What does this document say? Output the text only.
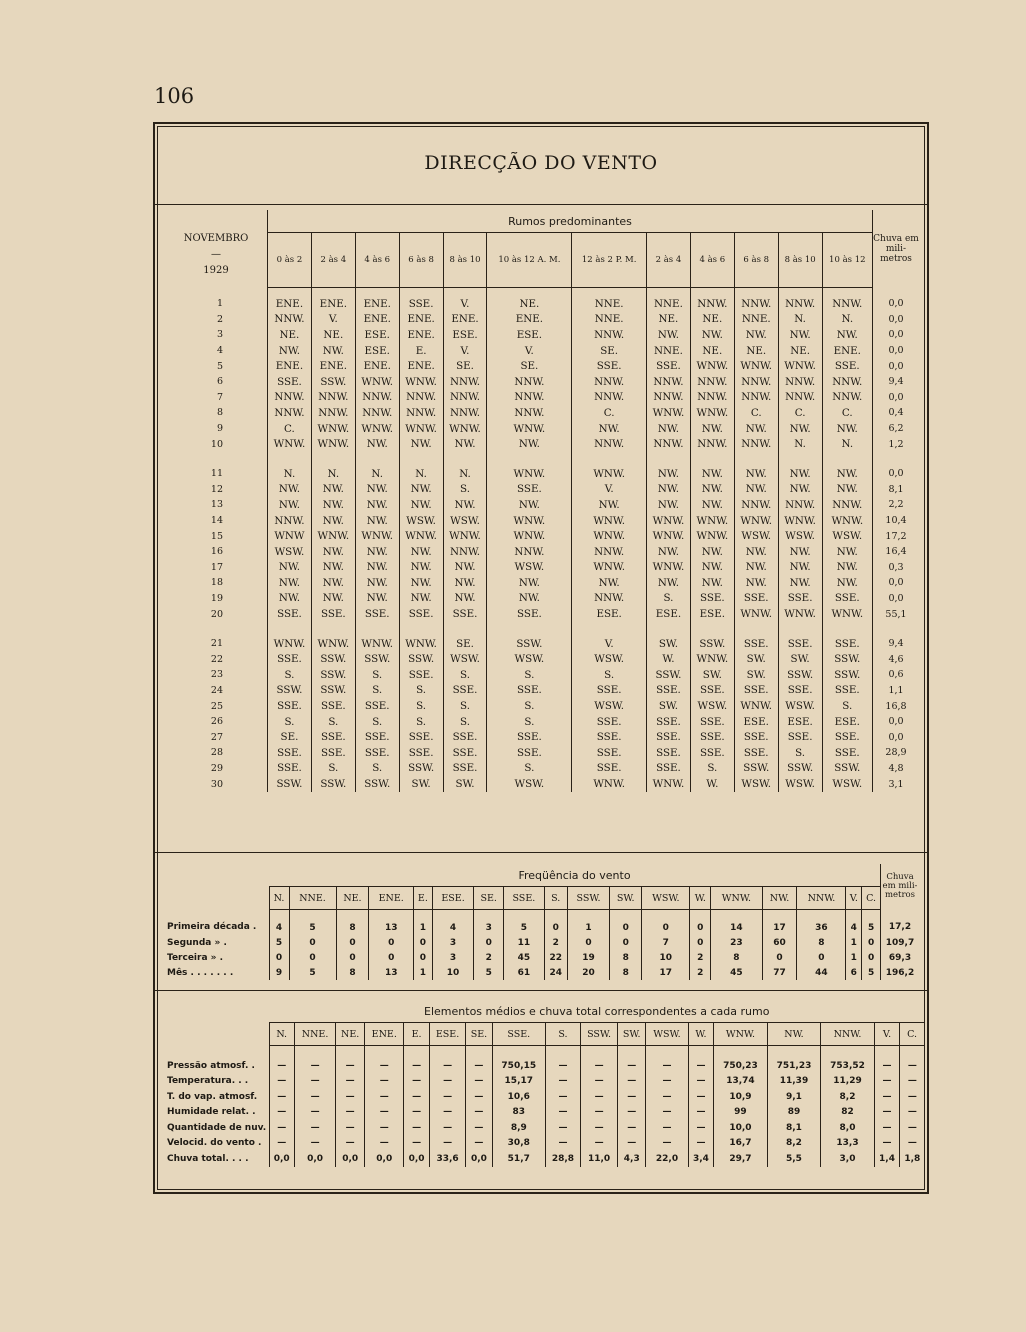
106
DIRECÇÃO DO VENTO
NOVEMBRO
—
1929	Rumos predominantes												Chuva em mili-metros
	0 às 2	2 às 4	4 às 6	6 às 8	8 às 10	10 às 12 A. M.	12 às 2 P. M.	2 às 4	4 às 6	6 às 8	8 às 10	10 às 12	
1	ENE.	ENE.	ENE.	SSE.	V.	NE.	NNE.	NNE.	NNW.	NNW.	NNW.	NNW.	0,0
2	NNW.	V.	ENE.	ENE.	ENE.	ENE.	NNE.	NE.	NE.	NNE.	N.	N.	0,0
3	NE.	NE.	ESE.	ENE.	ESE.	ESE.	NNW.	NW.	NW.	NW.	NW.	NW.	0,0
4	NW.	NW.	ESE.	E.	V.	V.	SE.	NNE.	NE.	NE.	NE.	ENE.	0,0
5	ENE.	ENE.	ENE.	ENE.	SE.	SE.	SSE.	SSE.	WNW.	WNW.	WNW.	SSE.	0,0
6	SSE.	SSW.	WNW.	WNW.	NNW.	NNW.	NNW.	NNW.	NNW.	NNW.	NNW.	NNW.	9,4
7	NNW.	NNW.	NNW.	NNW.	NNW.	NNW.	NNW.	NNW.	NNW.	NNW.	NNW.	NNW.	0,0
8	NNW.	NNW.	NNW.	NNW.	NNW.	NNW.	C.	WNW.	WNW.	C.	C.	C.	0,4
9	C.	WNW.	WNW.	WNW.	WNW.	WNW.	NW.	NW.	NW.	NW.	NW.	NW.	6,2
10	WNW.	WNW.	NW.	NW.	NW.	NW.	NNW.	NNW.	NNW.	NNW.	N.	N.	1,2

11	N.	N.	N.	N.	N.	WNW.	WNW.	NW.	NW.	NW.	NW.	NW.	0,0
12	NW.	NW.	NW.	NW.	S.	SSE.	V.	NW.	NW.	NW.	NW.	NW.	8,1
13	NW.	NW.	NW.	NW.	NW.	NW.	NW.	NW.	NW.	NNW.	NNW.	NNW.	2,2
14	NNW.	NW.	NW.	WSW.	WSW.	WNW.	WNW.	WNW.	WNW.	WNW.	WNW.	WNW.	10,4
15	WNW	WNW.	WNW.	WNW.	WNW.	WNW.	WNW.	WNW.	WNW.	WSW.	WSW.	WSW.	17,2
16	WSW.	NW.	NW.	NW.	NNW.	NNW.	NNW.	NW.	NW.	NW.	NW.	NW.	16,4
17	NW.	NW.	NW.	NW.	NW.	WSW.	WNW.	WNW.	NW.	NW.	NW.	NW.	0,3
18	NW.	NW.	NW.	NW.	NW.	NW.	NW.	NW.	NW.	NW.	NW.	NW.	0,0
19	NW.	NW.	NW.	NW.	NW.	NW.	NNW.	S.	SSE.	SSE.	SSE.	SSE.	0,0
20	SSE.	SSE.	SSE.	SSE.	SSE.	SSE.	ESE.	ESE.	ESE.	WNW.	WNW.	WNW.	55,1

21	WNW.	WNW.	WNW.	WNW.	SE.	SSW.	V.	SW.	SSW.	SSE.	SSE.	SSE.	9,4
22	SSE.	SSW.	SSW.	SSW.	WSW.	WSW.	WSW.	W.	WNW.	SW.	SW.	SSW.	4,6
23	S.	SSW.	S.	SSE.	S.	S.	S.	SSW.	SW.	SW.	SSW.	SSW.	0,6
24	SSW.	SSW.	S.	S.	SSE.	SSE.	SSE.	SSE.	SSE.	SSE.	SSE.	SSE.	1,1
25	SSE.	SSE.	SSE.	S.	S.	S.	WSW.	SW.	WSW.	WNW.	WSW.	S.	16,8
26	S.	S.	S.	S.	S.	S.	SSE.	SSE.	SSE.	ESE.	ESE.	ESE.	0,0
27	SE.	SSE.	SSE.	SSE.	SSE.	SSE.	SSE.	SSE.	SSE.	SSE.	SSE.	SSE.	0,0
28	SSE.	SSE.	SSE.	SSE.	SSE.	SSE.	SSE.	SSE.	SSE.	SSE.	S.	SSE.	28,9
29	SSE.	S.	S.	SSW.	SSE.	S.	SSE.	SSE.	S.	SSW.	SSW.	SSW.	4,8
30	SSW.	SSW.	SSW.	SW.	SW.	WSW.	WNW.	WNW.	W.	WSW.	WSW.	WSW.	3,1
	Freqüência do vento																		Chuva em mili-metros
	N.	NNE.	NE.	ENE.	E.	ESE.	SE.	SSE.	S.	SSW.	SW.	WSW.	W.	WNW.	NW.	NNW.	V.	C.	
Primeira década .	4	5	8	13	1	4	3	5	0	1	0	0	0	14	17	36	4	5	17,2
Segunda » .	5	0	0	0	0	3	0	11	2	0	0	7	0	23	60	8	1	0	109,7
Terceira » .	0	0	0	0	0	3	2	45	22	19	8	10	2	8	0	0	1	0	69,3
Mês . . . . . . .	9	5	8	13	1	10	5	61	24	20	8	17	2	45	77	44	6	5	196,2
	Elementos médios e chuva total correspondentes a cada rumo																	
	N.	NNE.	NE.	ENE.	E.	ESE.	SE.	SSE.	S.	SSW.	SW.	WSW.	W.	WNW.	NW.	NNW.	V.	C.
Pressão atmosf. .	—	—	—	—	—	—	—	750,15	—	—	—	—	—	750,23	751,23	753,52	—	—
Temperatura. . .	—	—	—	—	—	—	—	15,17	—	—	—	—	—	13,74	11,39	11,29	—	—
T. do vap. atmosf.	—	—	—	—	—	—	—	10,6	—	—	—	—	—	10,9	9,1	8,2	—	—
Humidade relat. .	—	—	—	—	—	—	—	83	—	—	—	—	—	99	89	82	—	—
Quantidade de nuv.	—	—	—	—	—	—	—	8,9	—	—	—	—	—	10,0	8,1	8,0	—	—
Velocid. do vento .	—	—	—	—	—	—	—	30,8	—	—	—	—	—	16,7	8,2	13,3	—	—
Chuva total. . . .	0,0	0,0	0,0	0,0	0,0	33,6	0,0	51,7	28,8	11,0	4,3	22,0	3,4	29,7	5,5	3,0	1,4	1,8
